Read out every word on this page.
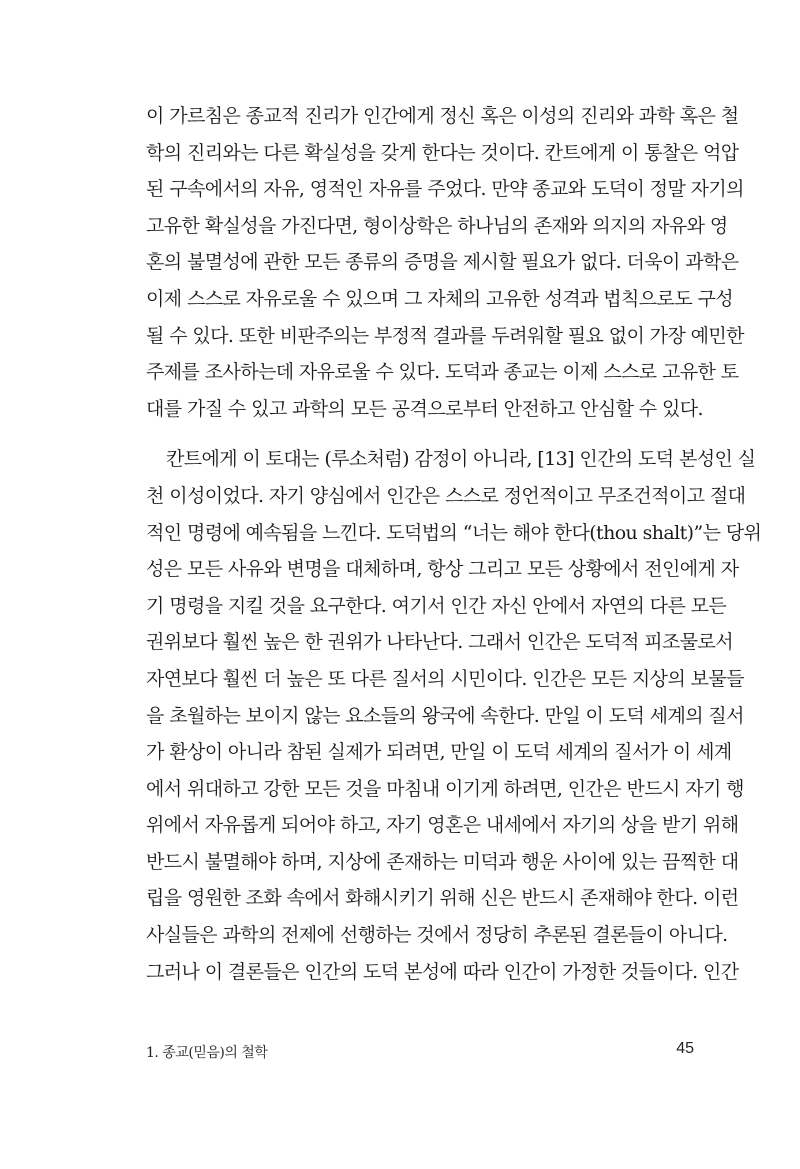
이 가르침은 종교적 진리가 인간에게 정신 혹은 이성의 진리와 과학 혹은 철
학의 진리와는 다른 확실성을 갖게 한다는 것이다. 칸트에게 이 통찰은 억압
된 구속에서의 자유, 영적인 자유를 주었다. 만약 종교와 도덕이 정말 자기의
고유한 확실성을 가진다면, 형이상학은 하나님의 존재와 의지의 자유와 영
혼의 불멸성에 관한 모든 종류의 증명을 제시할 필요가 없다. 더욱이 과학은
이제 스스로 자유로울 수 있으며 그 자체의 고유한 성격과 법칙으로도 구성
될 수 있다. 또한 비판주의는 부정적 결과를 두려워할 필요 없이 가장 예민한
주제를 조사하는데 자유로울 수 있다. 도덕과 종교는 이제 스스로 고유한 토
대를 가질 수 있고 과학의 모든 공격으로부터 안전하고 안심할 수 있다.
칸트에게 이 토대는 (루소처럼) 감정이 아니라, [13] 인간의 도덕 본성인 실
천 이성이었다. 자기 양심에서 인간은 스스로 정언적이고 무조건적이고 절대
적인 명령에 예속됨을 느낀다. 도덕법의 “너는 해야 한다(thou shalt)”는 당위
성은 모든 사유와 변명을 대체하며, 항상 그리고 모든 상황에서 전인에게 자
기 명령을 지킬 것을 요구한다. 여기서 인간 자신 안에서 자연의 다른 모든
권위보다 훨씬 높은 한 권위가 나타난다. 그래서 인간은 도덕적 피조물로서
자연보다 훨씬 더 높은 또 다른 질서의 시민이다. 인간은 모든 지상의 보물들
을 초월하는 보이지 않는 요소들의 왕국에 속한다. 만일 이 도덕 세계의 질서
가 환상이 아니라 참된 실제가 되려면, 만일 이 도덕 세계의 질서가 이 세계
에서 위대하고 강한 모든 것을 마침내 이기게 하려면, 인간은 반드시 자기 행
위에서 자유롭게 되어야 하고, 자기 영혼은 내세에서 자기의 상을 받기 위해
반드시 불멸해야 하며, 지상에 존재하는 미덕과 행운 사이에 있는 끔찍한 대
립을 영원한 조화 속에서 화해시키기 위해 신은 반드시 존재해야 한다. 이런
사실들은 과학의 전제에 선행하는 것에서 정당히 추론된 결론들이 아니다.
그러나 이 결론들은 인간의 도덕 본성에 따라 인간이 가정한 것들이다. 인간
1. 종교(믿음)의 철학	45
